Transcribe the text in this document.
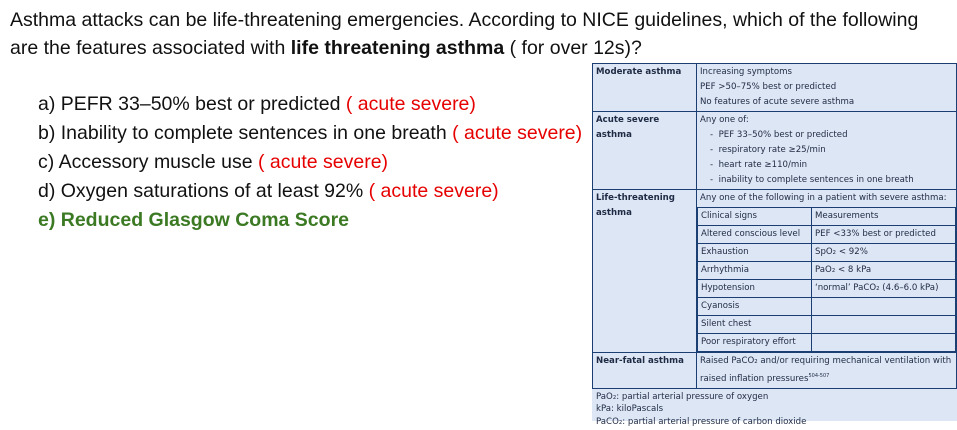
Asthma attacks can be life-threatening emergencies. According to NICE guidelines, which of the following are the features associated with life threatening asthma ( for over 12s)?

a) PEFR 33–50% best or predicted ( acute severe)
b) Inability to complete sentences in one breath ( acute severe)
c) Accessory muscle use ( acute severe)
d) Oxygen saturations of at least 92% ( acute severe)
e) Reduced Glasgow Coma Score
Moderate asthma	Increasing symptoms
PEF >50–75% best or predicted
No features of acute severe asthma

Acute severe asthma	
Any one of:
-  PEF 33–50% best or predicted
-  respiratory rate ≥25/min
-  heart rate ≥110/min
-  inability to complete sentences in one breath

Life-threatening asthma	
Any one of the following in a patient with severe asthma:
Clinical signs	Measurements
Altered conscious level	PEF <33% best or predicted
Exhaustion	SpO₂ < 92%
Arrhythmia	PaO₂ < 8 kPa
Hypotension	‘normal’ PaCO₂ (4.6–6.0 kPa)
Cyanosis	
Silent chest	
Poor respiratory effort	

Near-fatal asthma	Raised PaCO₂ and/or requiring mechanical ventilation with raised inflation pressures$^{504-507}$
PaO₂: partial arterial pressure of oxygen
kPa: kiloPascals
PaCO₂: partial arterial pressure of carbon dioxide
